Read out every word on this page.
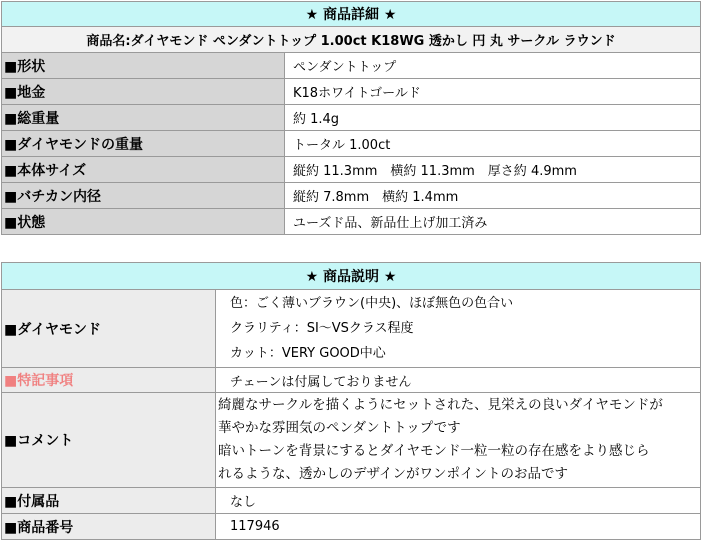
★ 商品詳細 ★	
商品名:ダイヤモンド ペンダントトップ 1.00ct K18WG 透かし 円 丸 サークル ラウンド	
■形状	ペンダントトップ
■地金	K18ホワイトゴールド
■総重量	約 1.4g
■ダイヤモンドの重量	トータル 1.00ct
■本体サイズ	縦約 11.3mm　横約 11.3mm　厚さ約 4.9mm
■バチカン内径	縦約 7.8mm　横約 1.4mm
■状態	ユーズド品、新品仕上げ加工済み
★ 商品説明 ★	
■ダイヤモンド	色：ごく薄いブラウン(中央)、ほぼ無色の色合い
クラリティ：SI〜VSクラス程度
カット：VERY GOOD中心

■特記事項	チェーンは付属しておりません
■コメント	綺麗なサークルを描くようにセットされた、見栄えの良いダイヤモンドが
華やかな雰囲気のペンダントトップです
暗いトーンを背景にするとダイヤモンド一粒一粒の存在感をより感じら
れるような、透かしのデザインがワンポイントのお品です

■付属品	なし
■商品番号	117946
